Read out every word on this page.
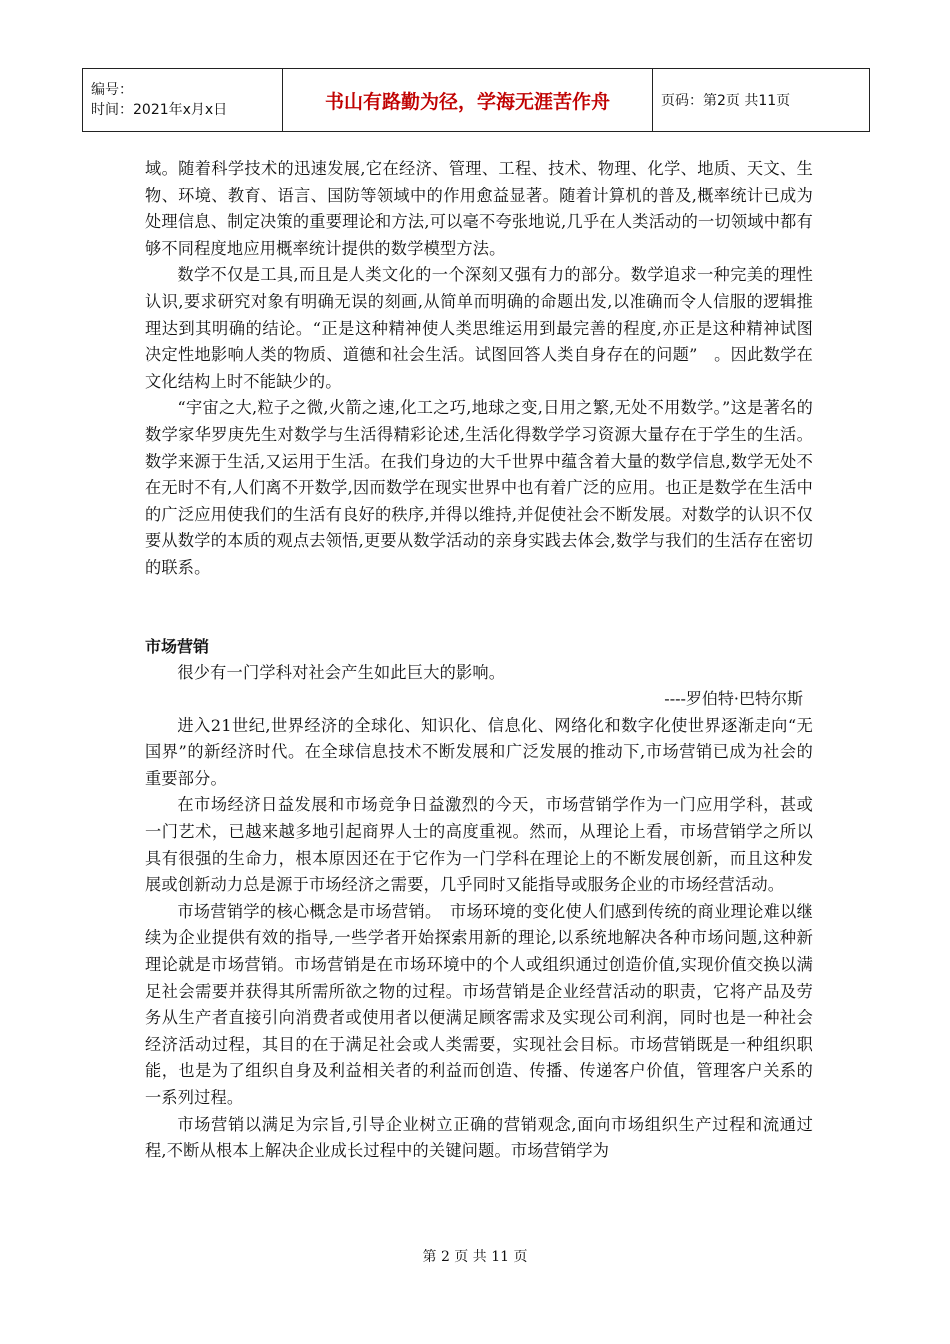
编号：
时间：2021年x月x日	书山有路勤为径，学海无涯苦作舟	页码：第2页 共11页

域。随着科学技术的迅速发展,它在经济、管理、工程、技术、物理、化学、地质、天文、生物、环境、教育、语言、国防等领域中的作用愈益显著。随着计算机的普及,概率统计已成为处理信息、制定决策的重要理论和方法,可以毫不夸张地说,几乎在人类活动的一切领域中都有够不同程度地应用概率统计提供的数学模型方法。

数学不仅是工具,而且是人类文化的一个深刻又强有力的部分。数学追求一种完美的理性认识,要求研究对象有明确无误的刻画,从简单而明确的命题出发,以准确而令人信服的逻辑推理达到其明确的结论。“正是这种精神使人类思维运用到最完善的程度,亦正是这种精神试图决定性地影响人类的物质、道德和社会生活。试图回答人类自身存在的问题”　。因此数学在文化结构上时不能缺少的。

“宇宙之大,粒子之微,火箭之速,化工之巧,地球之变,日用之繁,无处不用数学。”这是著名的数学家华罗庚先生对数学与生活得精彩论述,生活化得数学学习资源大量存在于学生的生活。数学来源于生活,又运用于生活。在我们身边的大千世界中蕴含着大量的数学信息,数学无处不在无时不有,人们离不开数学,因而数学在现实世界中也有着广泛的应用。也正是数学在生活中的广泛应用使我们的生活有良好的秩序,并得以维持,并促使社会不断发展。对数学的认识不仅要从数学的本质的观点去领悟,更要从数学活动的亲身实践去体会,数学与我们的生活存在密切的联系。

市场营销

很少有一门学科对社会产生如此巨大的影响。

----罗伯特·巴特尔斯

进入21世纪,世界经济的全球化、知识化、信息化、网络化和数字化使世界逐渐走向“无国界”的新经济时代。在全球信息技术不断发展和广泛发展的推动下,市场营销已成为社会的重要部分。

在市场经济日益发展和市场竞争日益激烈的今天，市场营销学作为一门应用学科，甚或一门艺术，已越来越多地引起商界人士的高度重视。然而，从理论上看，市场营销学之所以具有很强的生命力，根本原因还在于它作为一门学科在理论上的不断发展创新，而且这种发展或创新动力总是源于市场经济之需要，几乎同时又能指导或服务企业的市场经营活动。

市场营销学的核心概念是市场营销。　市场环境的变化使人们感到传统的商业理论难以继续为企业提供有效的指导,一些学者开始探索用新的理论,以系统地解决各种市场问题,这种新理论就是市场营销。市场营销是在市场环境中的个人或组织通过创造价值,实现价值交换以满足社会需要并获得其所需所欲之物的过程。市场营销是企业经营活动的职责，它将产品及劳务从生产者直接引向消费者或使用者以便满足顾客需求及实现公司利润，同时也是一种社会经济活动过程，其目的在于满足社会或人类需要，实现社会目标。市场营销既是一种组织职能，也是为了组织自身及利益相关者的利益而创造、传播、传递客户价值，管理客户关系的一系列过程。

市场营销以满足为宗旨,引导企业树立正确的营销观念,面向市场组织生产过程和流通过程,不断从根本上解决企业成长过程中的关键问题。市场营销学为

第 2 页 共 11 页
